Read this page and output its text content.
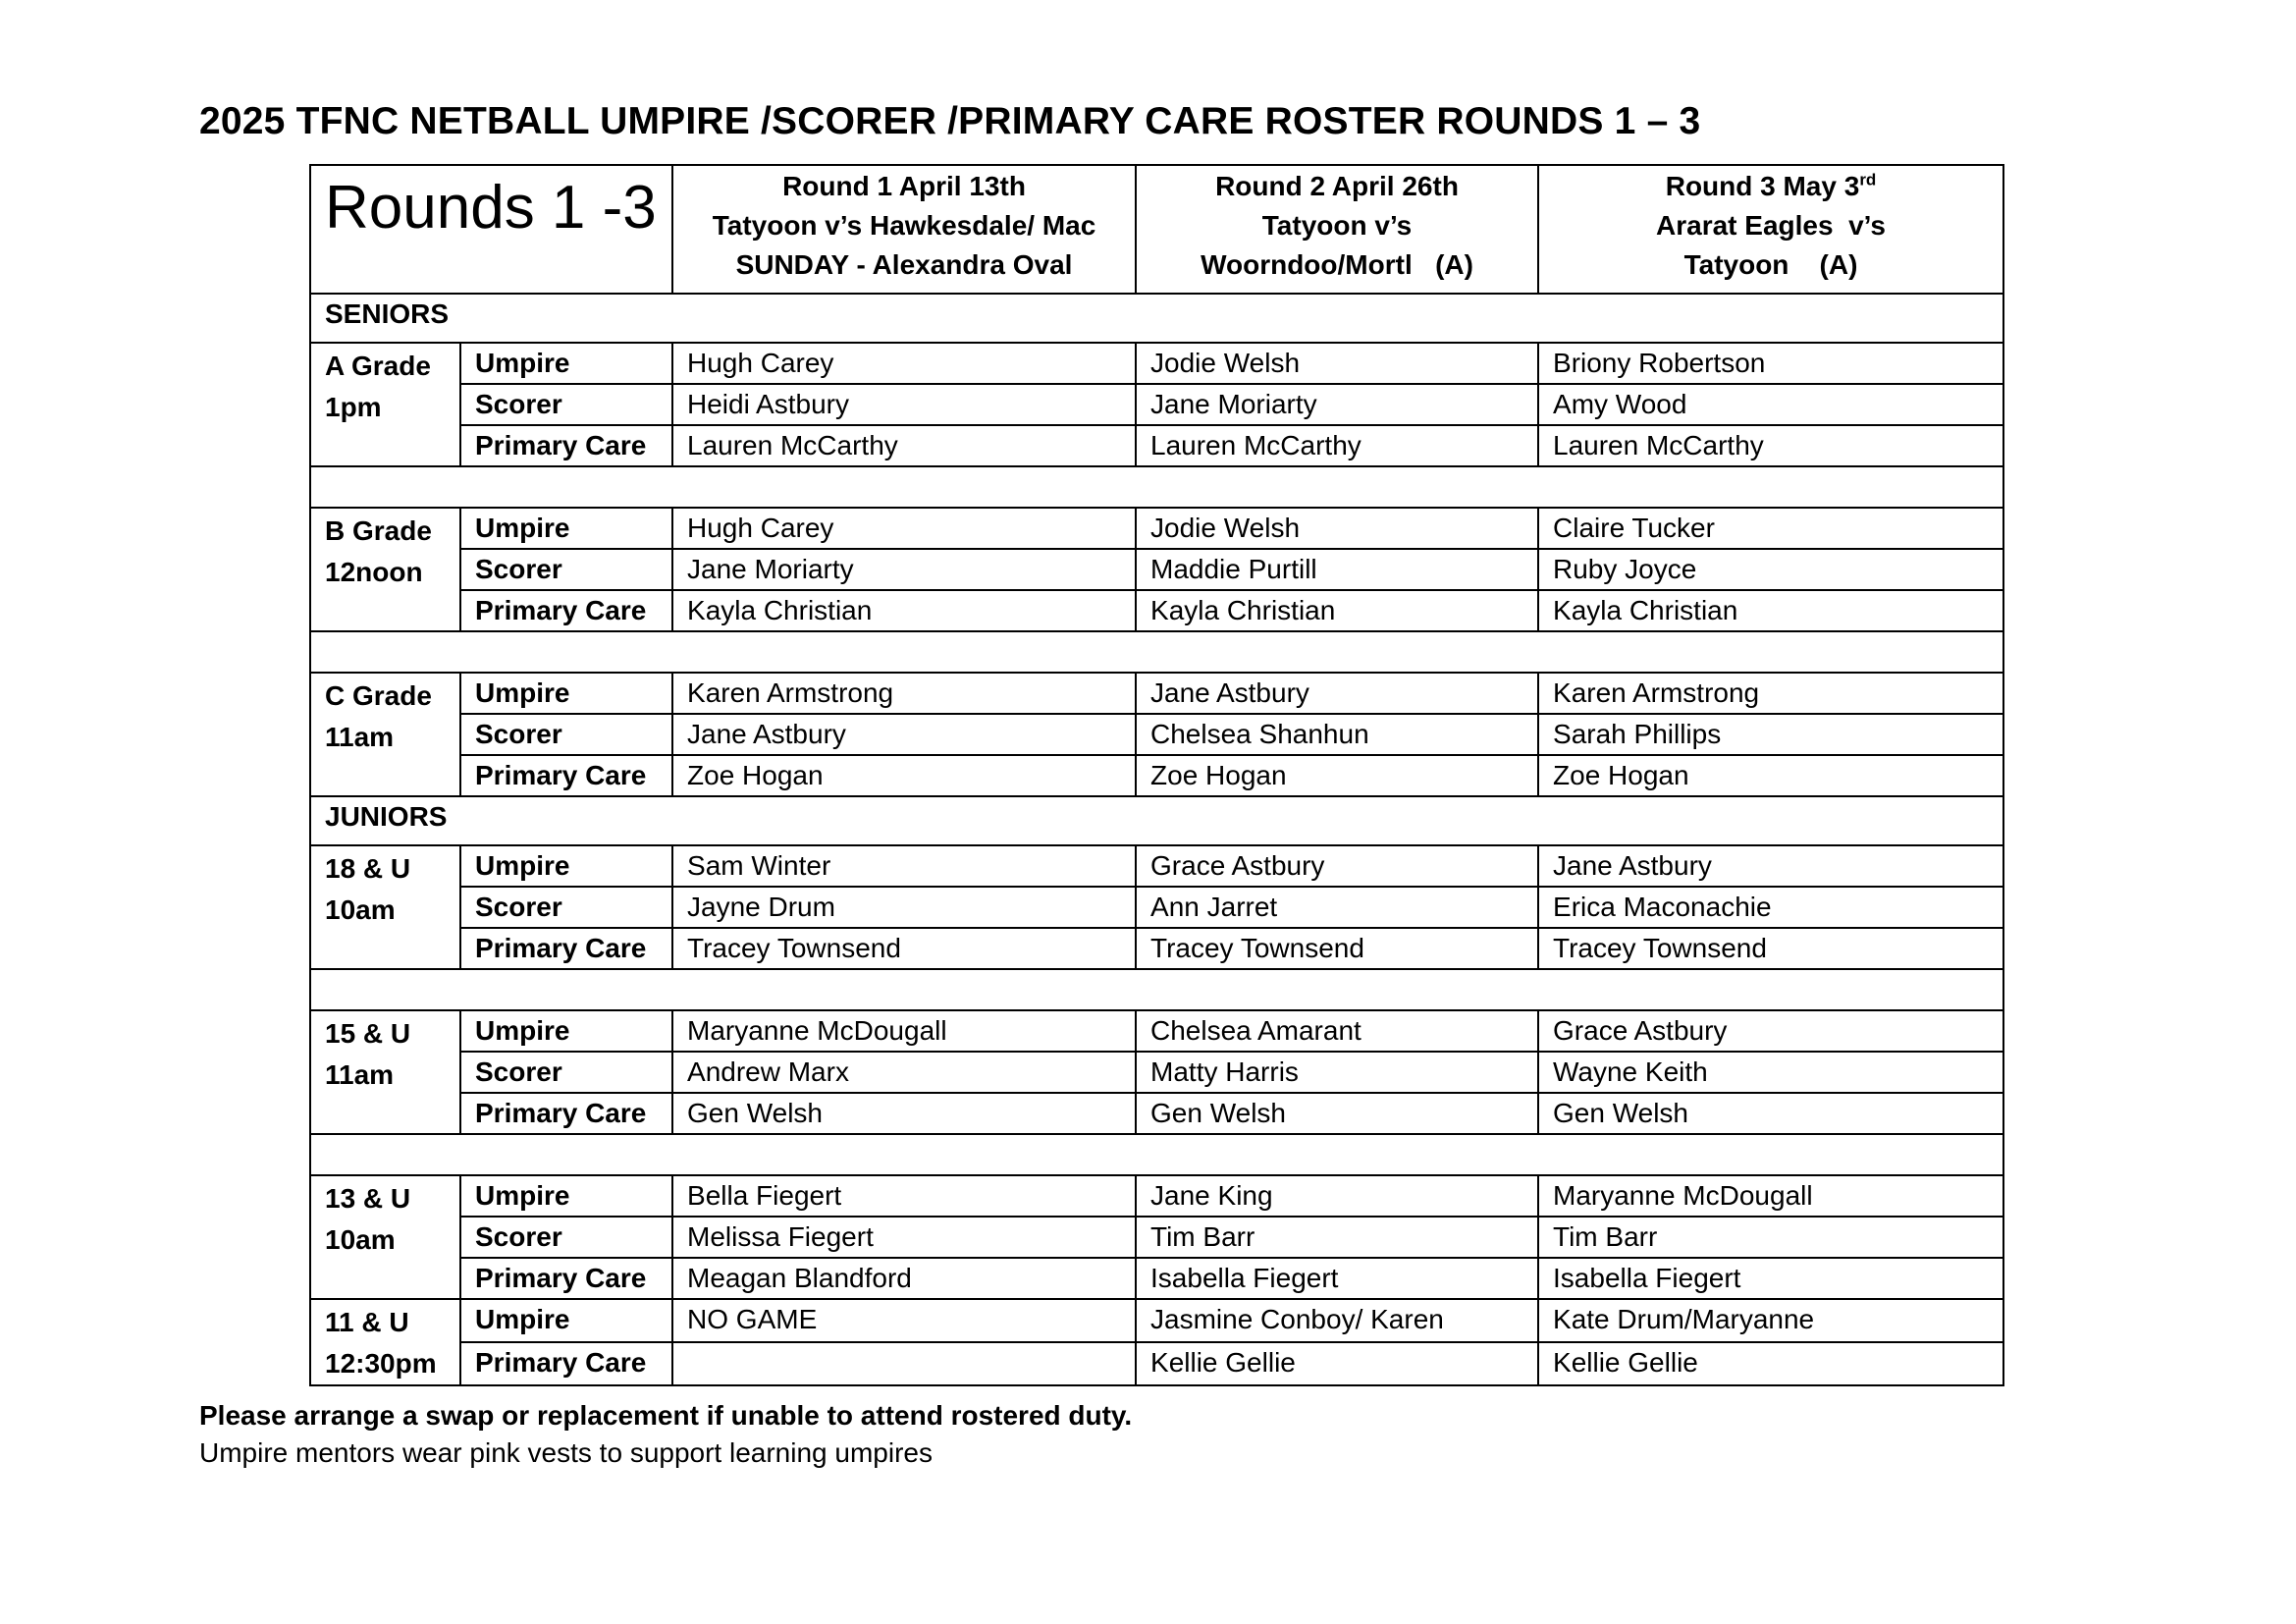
2025 TFNC NETBALL UMPIRE /SCORER /PRIMARY CARE ROSTER ROUNDS 1 – 3
Rounds 1 -3		Round 1 April 13th
Tatyoon v’s Hawkesdale/ Mac
SUNDAY - Alexandra Oval	Round 2 April 26th
Tatyoon v’s
Woorndoo/Mortl   (A)	Round 3 May 3rd
Ararat Eagles  v’s
Tatyoon    (A)
SENIORS				

A Grade
1pm	Umpire	Hugh Carey	Jodie Welsh	Briony Robertson
	Scorer	Heidi Astbury	Jane Moriarty	Amy Wood
	Primary Care	Lauren McCarthy	Lauren McCarthy	Lauren McCarthy

B Grade
12noon	Umpire	Hugh Carey	Jodie Welsh	Claire Tucker
	Scorer	Jane Moriarty	Maddie Purtill	Ruby Joyce
	Primary Care	Kayla Christian	Kayla Christian	Kayla Christian

C Grade
11am	Umpire	Karen Armstrong	Jane Astbury	Karen Armstrong
	Scorer	Jane Astbury	Chelsea Shanhun	Sarah Phillips
	Primary Care	Zoe Hogan	Zoe Hogan	Zoe Hogan
JUNIORS				

18 & U
10am	Umpire	Sam Winter	Grace Astbury	Jane Astbury
	Scorer	Jayne Drum	Ann Jarret	Erica Maconachie
	Primary Care	Tracey Townsend	Tracey Townsend	Tracey Townsend

15 & U
11am	Umpire	Maryanne McDougall	Chelsea Amarant	Grace Astbury
	Scorer	Andrew Marx	Matty Harris	Wayne Keith
	Primary Care	Gen Welsh	Gen Welsh	Gen Welsh

13 & U
10am	Umpire	Bella Fiegert	Jane King	Maryanne McDougall
	Scorer	Melissa Fiegert	Tim Barr	Tim Barr
	Primary Care	Meagan Blandford	Isabella Fiegert	Isabella Fiegert

11 & U
12:30pm	Umpire	NO GAME	Jasmine Conboy/ Karen	Kate Drum/Maryanne
	Primary Care		Kellie Gellie	Kellie Gellie
Please arrange a swap or replacement if unable to attend rostered duty.
Umpire mentors wear pink vests to support learning umpires
